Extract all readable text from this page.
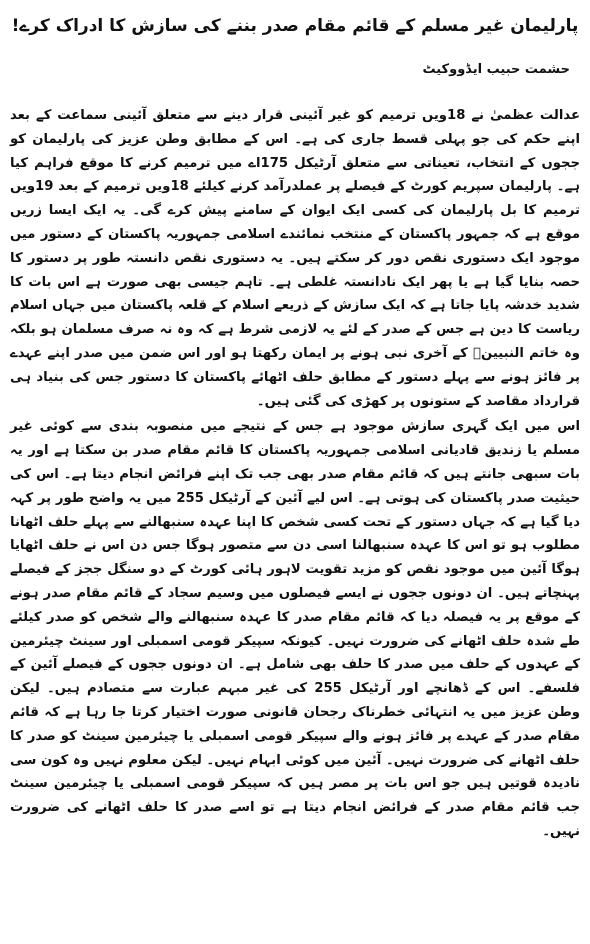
پارلیمان غیر مسلم کے قائم مقام صدر بننے کی سازش کا ادراک کرے!
حشمت حبیب ایڈووکیٹ

عدالت عظمیٰ نے 18ویں ترمیم کو غیر آئینی قرار دینے سے متعلق آئینی سماعت کے بعد اپنے حکم کی جو پہلی قسط جاری کی ہے۔ اس کے مطابق وطن عزیز کی پارلیمان کو ججوں کے انتخاب، تعیناتی سے متعلق آرٹیکل 175اے میں ترمیم کرنے کا موقع فراہم کیا ہے۔ پارلیمان سپریم کورٹ کے فیصلے پر عملدرآمد کرنے کیلئے 18ویں ترمیم کے بعد 19ویں ترمیم کا بل پارلیمان کی کسی ایک ایوان کے سامنے پیش کرے گی۔ یہ ایک ایسا زریں موقع ہے کہ جمہور پاکستان کے منتخب نمائندے اسلامی جمہوریہ پاکستان کے دستور میں موجود ایک دستوری نقص دور کر سکتے ہیں۔ یہ دستوری نقص دانستہ طور پر دستور کا حصہ بنایا گیا ہے یا پھر ایک نادانستہ غلطی ہے۔ تاہم جیسی بھی صورت ہے اس بات کا شدید خدشہ پایا جاتا ہے کہ ایک سازش کے ذریعے اسلام کے قلعہ پاکستان میں جہاں اسلام ریاست کا دین ہے جس کے صدر کے لئے یہ لازمی شرط ہے کہ وہ نہ صرف مسلمان ہو بلکہ وہ خاتم النبیینؐ کے آخری نبی ہونے پر ایمان رکھتا ہو اور اس ضمن میں صدر اپنے عہدے پر فائز ہونے سے پہلے دستور کے مطابق حلف اٹھائے پاکستان کا دستور جس کی بنیاد ہی قرارداد مقاصد کے ستونوں پر کھڑی کی گئی ہیں۔

اس میں ایک گہری سازش موجود ہے جس کے نتیجے میں منصوبہ بندی سے کوئی غیر مسلم یا زندیق قادیانی اسلامی جمہوریہ پاکستان کا قائم مقام صدر بن سکتا ہے اور یہ بات سبھی جانتے ہیں کہ قائم مقام صدر بھی جب تک اپنے فرائض انجام دیتا ہے۔ اس کی حیثیت صدر پاکستان کی ہوتی ہے۔ اس لیے آئین کے آرٹیکل 255 میں یہ واضح طور پر کہہ دیا گیا ہے کہ جہاں دستور کے تحت کسی شخص کا اپنا عہدہ سنبھالنے سے پہلے حلف اٹھانا مطلوب ہو تو اس کا عہدہ سنبھالنا اسی دن سے متصور ہوگا جس دن اس نے حلف اٹھایا ہوگا آئین میں موجود نقص کو مزید تقویت لاہور ہائی کورٹ کے دو سنگل ججز کے فیصلے پہنچاتے ہیں۔ ان دونوں ججوں نے ایسے فیصلوں میں وسیم سجاد کے قائم مقام صدر ہونے کے موقع پر یہ فیصلہ دیا کہ قائم مقام صدر کا عہدہ سنبھالنے والے شخص کو صدر کیلئے طے شدہ حلف اٹھانے کی ضرورت نہیں۔ کیونکہ سپیکر قومی اسمبلی اور سینٹ چیئرمین کے عہدوں کے حلف میں صدر کا حلف بھی شامل ہے۔ ان دونوں ججوں کے فیصلے آئین کے فلسفے۔ اس کے ڈھانچے اور آرٹیکل 255 کی غیر مبہم عبارت سے متصادم ہیں۔ لیکن وطن عزیز میں یہ انتہائی خطرناک رجحان قانونی صورت اختیار کرتا جا رہا ہے کہ قائم مقام صدر کے عہدے پر فائز ہونے والے سپیکر قومی اسمبلی یا چیئرمین سینٹ کو صدر کا حلف اٹھانے کی ضرورت نہیں۔ آئین میں کوئی ابہام نہیں۔ لیکن معلوم نہیں وہ کون سی نادیدہ قوتیں ہیں جو اس بات پر مصر ہیں کہ سپیکر قومی اسمبلی یا چیئرمین سینٹ جب قائم مقام صدر کے فرائض انجام دیتا ہے تو اسے صدر کا حلف اٹھانے کی ضرورت نہیں۔
